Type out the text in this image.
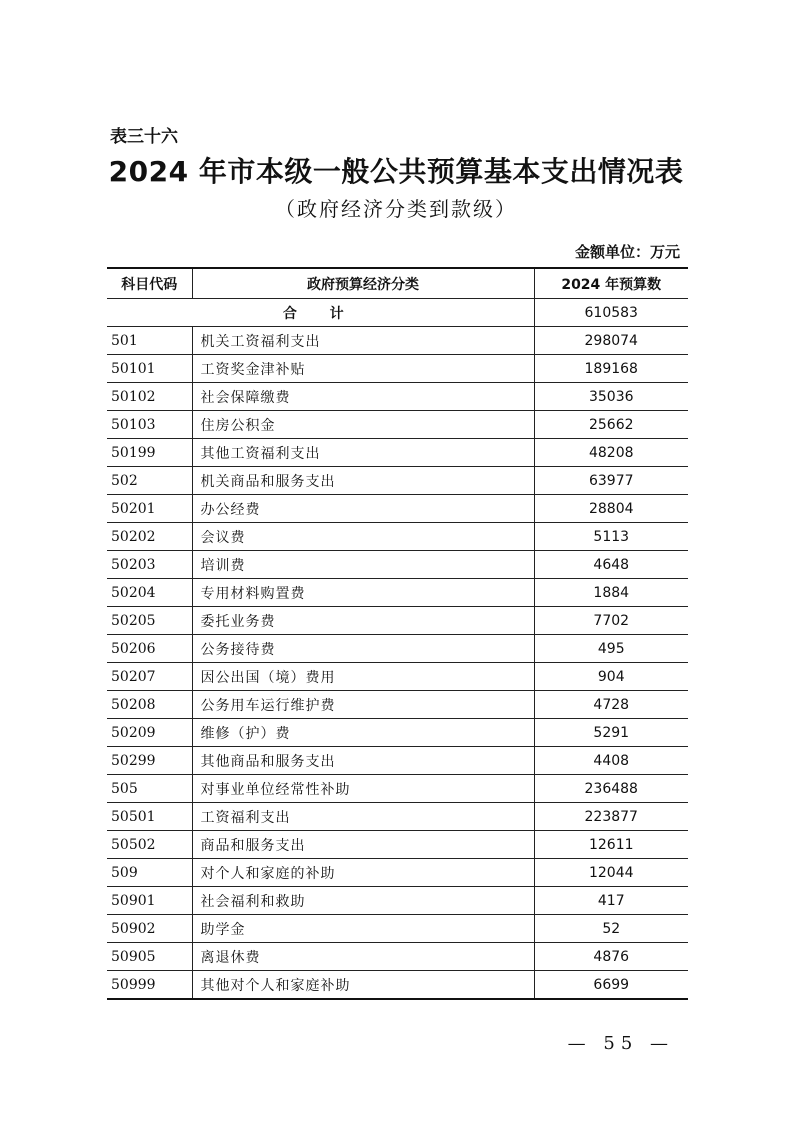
表三十六
2024 年市本级一般公共预算基本支出情况表
（政府经济分类到款级）
金额单位：万元
科目代码	政府预算经济分类	2024 年预算数
合 计		610583
501	机关工资福利支出	298074
50101	工资奖金津补贴	189168
50102	社会保障缴费	35036
50103	住房公积金	25662
50199	其他工资福利支出	48208
502	机关商品和服务支出	63977
50201	办公经费	28804
50202	会议费	5113
50203	培训费	4648
50204	专用材料购置费	1884
50205	委托业务费	7702
50206	公务接待费	495
50207	因公出国（境）费用	904
50208	公务用车运行维护费	4728
50209	维修（护）费	5291
50299	其他商品和服务支出	4408
505	对事业单位经常性补助	236488
50501	工资福利支出	223877
50502	商品和服务支出	12611
509	对个人和家庭的补助	12044
50901	社会福利和救助	417
50902	助学金	52
50905	离退休费	4876
50999	其他对个人和家庭补助	6699
— 55 —
